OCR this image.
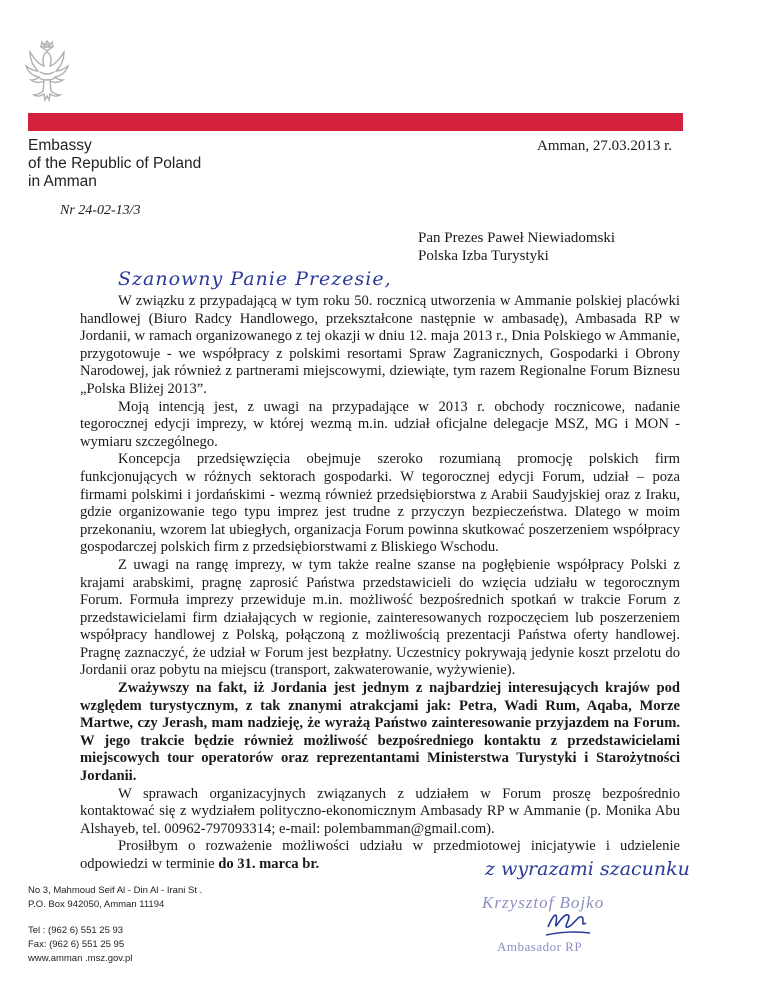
Embassy
of the Republic of Poland
in Amman
Amman, 27.03.2013 r.
Nr 24-02-13/3
Pan Prezes Paweł Niewiadomski
Polska Izba Turystyki
Szanowny Panie Prezesie,

W związku z przypadającą w tym roku 50. rocznicą utworzenia w Ammanie polskiej placówki handlowej (Biuro Radcy Handlowego, przekształcone następnie w ambasadę), Ambasada RP w Jordanii, w ramach organizowanego z tej okazji w dniu 12. maja 2013 r., Dnia Polskiego w Ammanie, przygotowuje - we współpracy z polskimi resortami Spraw Zagranicznych, Gospodarki i Obrony Narodowej, jak również z partnerami miejscowymi, dziewiąte, tym razem Regionalne Forum Biznesu „Polska Bliżej 2013”.

Moją intencją jest, z uwagi na przypadające w 2013 r. obchody rocznicowe, nadanie tegorocznej edycji imprezy, w której wezmą m.in. udział oficjalne delegacje MSZ, MG i MON - wymiaru szczególnego.

Koncepcja przedsięwzięcia obejmuje szeroko rozumianą promocję polskich firm funkcjonujących w różnych sektorach gospodarki. W tegorocznej edycji Forum, udział – poza firmami polskimi i jordańskimi - wezmą również przedsiębiorstwa z Arabii Saudyjskiej oraz z Iraku, gdzie organizowanie tego typu imprez jest trudne z przyczyn bezpieczeństwa. Dlatego w moim przekonaniu, wzorem lat ubiegłych, organizacja Forum powinna skutkować poszerzeniem współpracy gospodarczej polskich firm z przedsiębiorstwami z Bliskiego Wschodu.

Z uwagi na rangę imprezy, w tym także realne szanse na pogłębienie współpracy Polski z krajami arabskimi, pragnę zaprosić Państwa przedstawicieli do wzięcia udziału w tegorocznym Forum. Formuła imprezy przewiduje m.in. możliwość bezpośrednich spotkań w trakcie Forum z przedstawicielami firm działających w regionie, zainteresowanych rozpoczęciem lub poszerzeniem współpracy handlowej z Polską, połączoną z możliwością prezentacji Państwa oferty handlowej. Pragnę zaznaczyć, że udział w Forum jest bezpłatny. Uczestnicy pokrywają jedynie koszt przelotu do Jordanii oraz pobytu na miejscu (transport, zakwaterowanie, wyżywienie).

Zważywszy na fakt, iż Jordania jest jednym z najbardziej interesujących krajów pod względem turystycznym, z tak znanymi atrakcjami jak: Petra, Wadi Rum, Aqaba, Morze Martwe, czy Jerash, mam nadzieję, że wyrażą Państwo zainteresowanie przyjazdem na Forum. W jego trakcie będzie również możliwość bezpośredniego kontaktu z przedstawicielami miejscowych tour operatorów oraz reprezentantami Ministerstwa Turystyki i Starożytności Jordanii.

W sprawach organizacyjnych związanych z udziałem w Forum proszę bezpośrednio kontaktować się z wydziałem polityczno-ekonomicznym Ambasady RP w Ammanie (p. Monika Abu Alshayeb, tel. 00962-797093314; e-mail: polembamman@gmail.com).

Prosiłbym o rozważenie możliwości udziału w przedmiotowej inicjatywie i udzielenie odpowiedzi w terminie do 31. marca br.	z wyrazami szacunku
Krzysztof Bojko
Ambasador RP
No 3, Mahmoud Seif Al - Din Al - Irani St .
P.O. Box 942050, Amman 11194
Tel : (962 6) 551 25 93
Fax: (962 6) 551 25 95
www.amman .msz.gov.pl
